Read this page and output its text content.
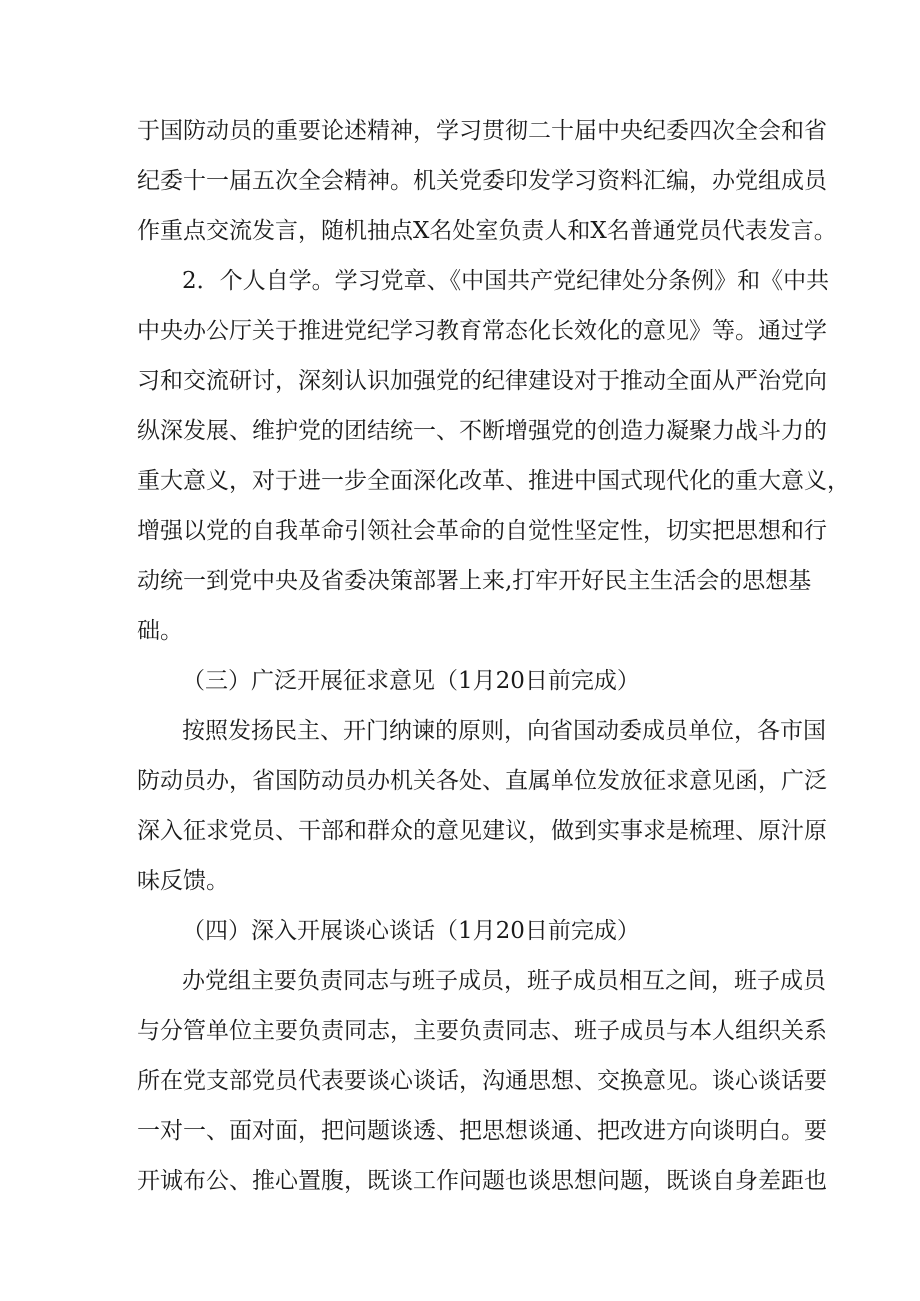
于国防动员的重要论述精神，学习贯彻二十届中央纪委四次全会和省
纪委十一届五次全会精神。机关党委印发学习资料汇编，办党组成员
作重点交流发言，随机抽点X名处室负责人和X名普通党员代表发言。
2．个人自学。学习党章、《中国共产党纪律处分条例》和《中共
中央办公厅关于推进党纪学习教育常态化长效化的意见》等。通过学
习和交流研讨，深刻认识加强党的纪律建设对于推动全面从严治党向
纵深发展、维护党的团结统一、不断增强党的创造力凝聚力战斗力的
重大意义，对于进一步全面深化改革、推进中国式现代化的重大意义，
增强以党的自我革命引领社会革命的自觉性坚定性，切实把思想和行
动统一到党中央及省委决策部署上来,打牢开好民主生活会的思想基
础。
（三）广泛开展征求意见（1月20日前完成）
按照发扬民主、开门纳谏的原则，向省国动委成员单位，各市国
防动员办，省国防动员办机关各处、直属单位发放征求意见函，广泛
深入征求党员、干部和群众的意见建议，做到实事求是梳理、原汁原
味反馈。
（四）深入开展谈心谈话（1月20日前完成）
办党组主要负责同志与班子成员，班子成员相互之间，班子成员
与分管单位主要负责同志，主要负责同志、班子成员与本人组织关系
所在党支部党员代表要谈心谈话，沟通思想、交换意见。谈心谈话要
一对一、面对面，把问题谈透、把思想谈通、把改进方向谈明白。要
开诚布公、推心置腹，既谈工作问题也谈思想问题，既谈自身差距也
